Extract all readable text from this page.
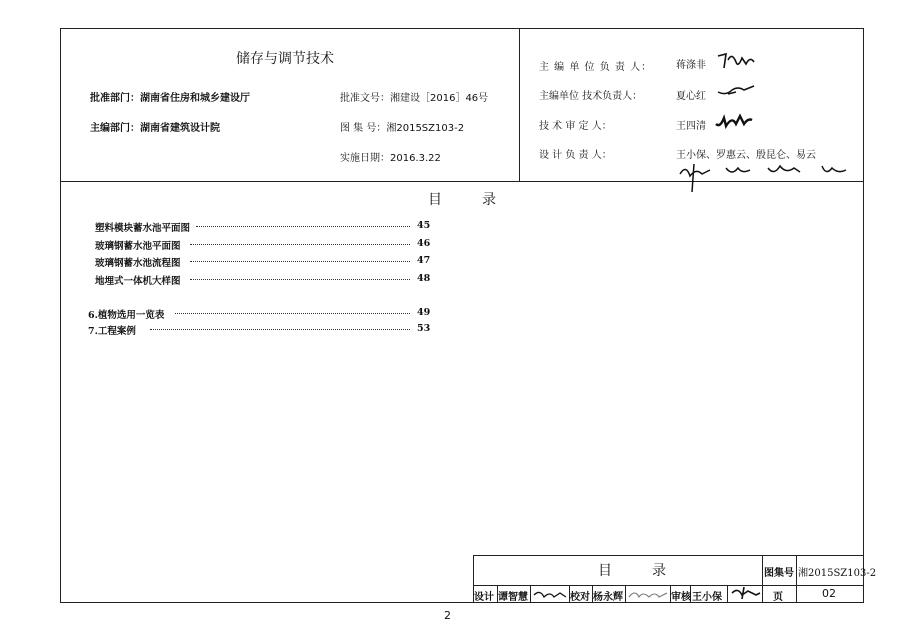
储存与调节技术
批准部门：湖南省住房和城乡建设厅
主编部门：湖南省建筑设计院
批准文号：湘建设［2016］46号
图 集 号：湘2015SZ103-2
实施日期：2016.3.22
主 编 单 位 负 责 人： 蒋涤非
主编单位 技术负责人：	夏心红
技 术 审 定 人：	王四清
设 计 负 责 人：	王小保、罗惠云、殷昆仑、易云
目　　录
塑料模块蓄水池平面图	45
玻璃钢蓄水池平面图	46
玻璃钢蓄水池流程图	47
地埋式一体机大样图	48
6.植物选用一览表	49
7.工程案例	53
目　　录	图集号 湘2015SZ103-2
设计 谭智慧	校对 杨永辉	审核 王小保	页	02
2
